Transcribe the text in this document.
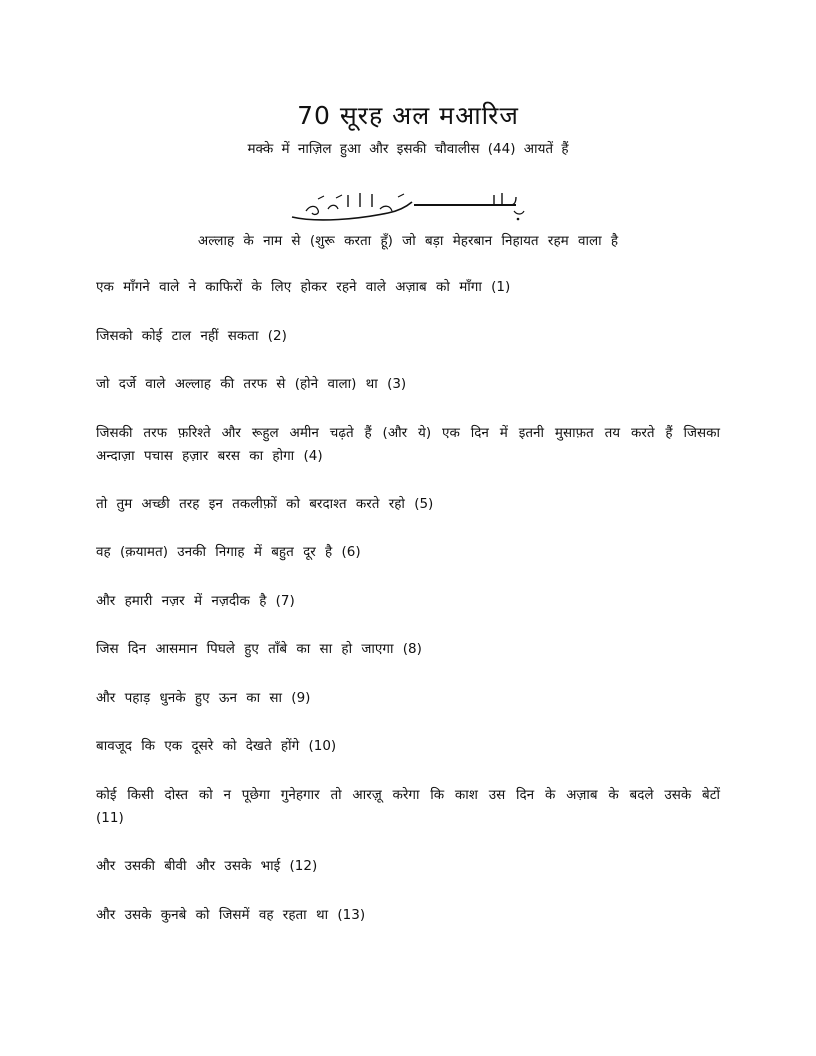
70 सूरह अल मआरिज

मक्के में नाज़िल हुआ और इसकी चौवालीस (44) आयतें हैं

अल्लाह के नाम से (शुरू करता हूँ) जो बड़ा मेहरबान निहायत रहम वाला है

एक माँगने वाले ने काफिरों के लिए होकर रहने वाले अज़ाब को माँगा (1)
जिसको कोई टाल नहीं सकता (2)
जो दर्जे वाले अल्लाह की तरफ से (होने वाला) था (3)
जिसकी तरफ फ़रिश्ते और रूहुल अमीन चढ़ते हैं (और ये) एक दिन में इतनी मुसाफ़त तय करते हैं जिसका अन्दाज़ा पचास हज़ार बरस का होगा (4)
तो तुम अच्छी तरह इन तकलीफ़ों को बरदाश्त करते रहो (5)
वह (क़यामत) उनकी निगाह में बहुत दूर है (6)
और हमारी नज़र में नज़दीक है (7)
जिस दिन आसमान पिघले हुए ताँबे का सा हो जाएगा (8)
और पहाड़ धुनके हुए ऊन का सा (9)
बावजूद कि एक दूसरे को देखते होंगे (10)
कोई किसी दोस्त को न पूछेगा गुनेहगार तो आरज़ू करेगा कि काश उस दिन के अज़ाब के बदले उसके बेटों (11)
और उसकी बीवी और उसके भाई (12)
और उसके कुनबे को जिसमें वह रहता था (13)
